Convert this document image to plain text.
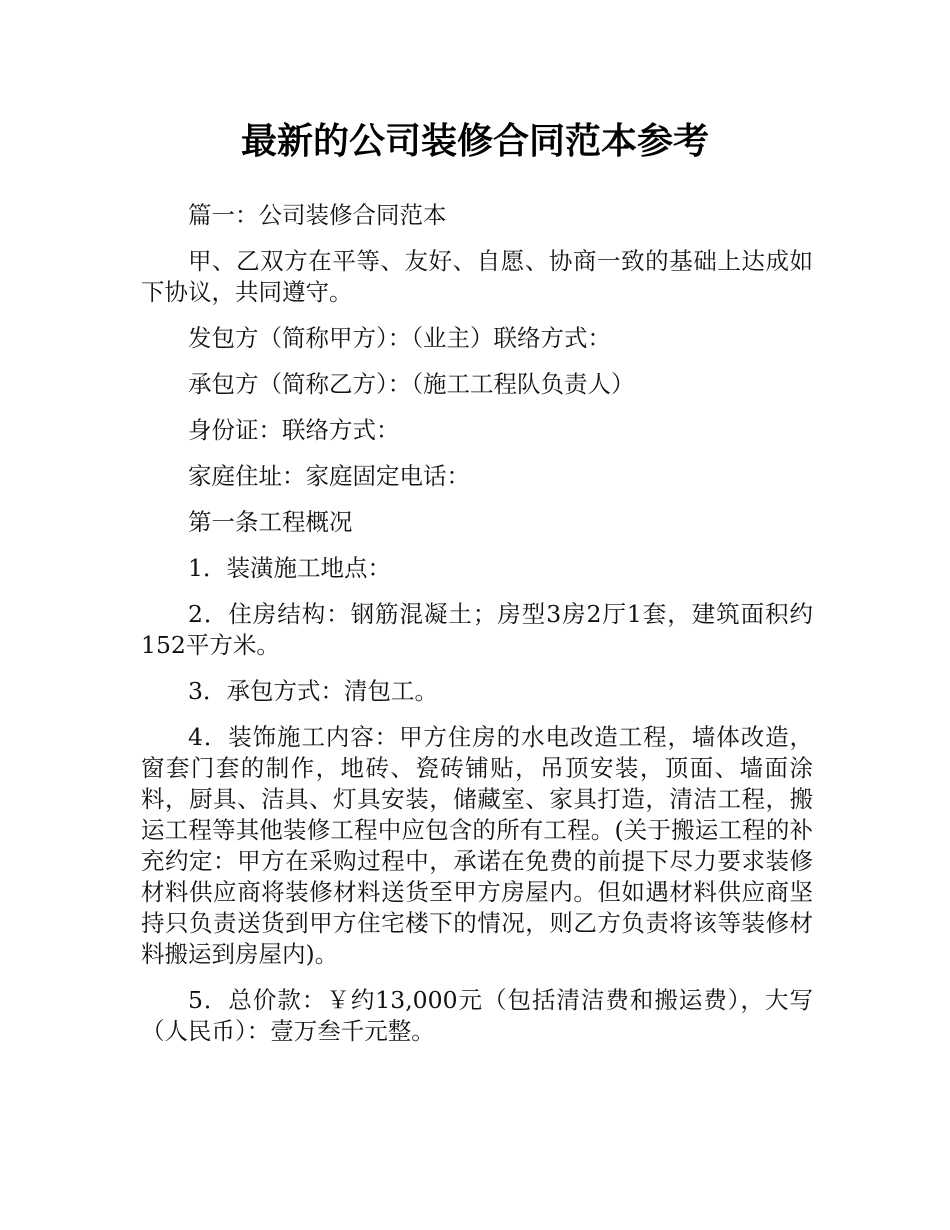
最新的公司装修合同范本参考

篇一：公司装修合同范本

甲、乙双方在平等、友好、自愿、协商一致的基础上达成如下协议，共同遵守。

发包方（简称甲方）：（业主）联络方式：

承包方（简称乙方）：（施工工程队负责人）

身份证：联络方式：

家庭住址：家庭固定电话：

第一条工程概况

1．装潢施工地点：

2．住房结构：钢筋混凝土；房型3房2厅1套，建筑面积约152平方米。

3．承包方式：清包工。

4．装饰施工内容：甲方住房的水电改造工程，墙体改造，窗套门套的制作，地砖、瓷砖铺贴，吊顶安装，顶面、墙面涂料，厨具、洁具、灯具安装，储藏室、家具打造，清洁工程，搬运工程等其他装修工程中应包含的所有工程。(关于搬运工程的补充约定：甲方在采购过程中，承诺在免费的前提下尽力要求装修材料供应商将装修材料送货至甲方房屋内。但如遇材料供应商坚持只负责送货到甲方住宅楼下的情况，则乙方负责将该等装修材料搬运到房屋内)。

5．总价款：￥约13,000元（包括清洁费和搬运费），大写（人民币）：壹万叁千元整。
